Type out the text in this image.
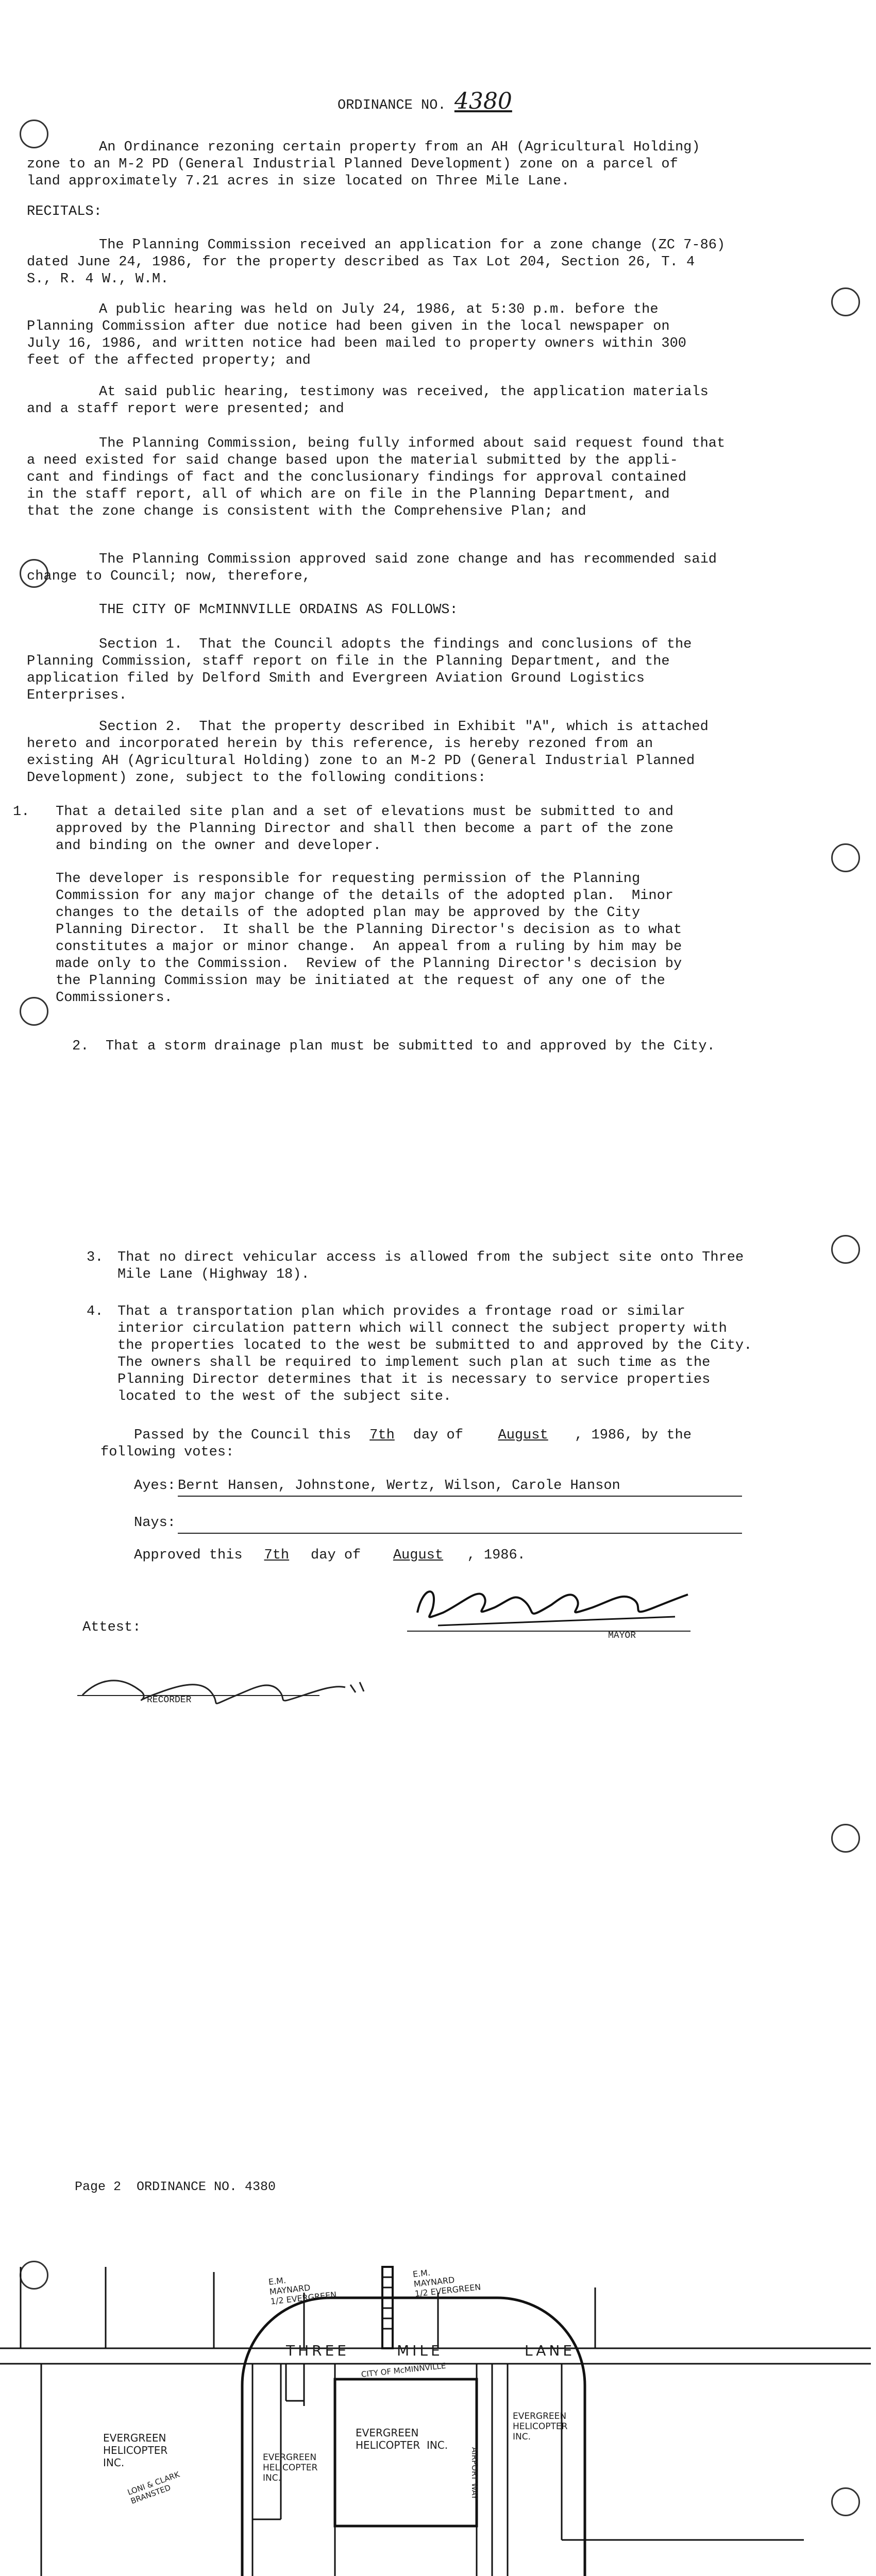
ORDINANCE NO. 4380
An Ordinance rezoning certain property from an AH (Agricultural Holding)
zone to an M-2 PD (General Industrial Planned Development) zone on a parcel of
land approximately 7.21 acres in size located on Three Mile Lane.
RECITALS:
The Planning Commission received an application for a zone change (ZC 7-86)
dated June 24, 1986, for the property described as Tax Lot 204, Section 26, T. 4
S., R. 4 W., W.M.
A public hearing was held on July 24, 1986, at 5:30 p.m. before the
Planning Commission after due notice had been given in the local newspaper on
July 16, 1986, and written notice had been mailed to property owners within 300
feet of the affected property; and
At said public hearing, testimony was received, the application materials
and a staff report were presented; and
The Planning Commission, being fully informed about said request found that
a need existed for said change based upon the material submitted by the appli-
cant and findings of fact and the conclusionary findings for approval contained
in the staff report, all of which are on file in the Planning Department, and
that the zone change is consistent with the Comprehensive Plan; and
The Planning Commission approved said zone change and has recommended said
change to Council; now, therefore,
THE CITY OF McMINNVILLE ORDAINS AS FOLLOWS:
Section 1.  That the Council adopts the findings and conclusions of the
Planning Commission, staff report on file in the Planning Department, and the
application filed by Delford Smith and Evergreen Aviation Ground Logistics
Enterprises.
Section 2.  That the property described in Exhibit "A", which is attached
hereto and incorporated herein by this reference, is hereby rezoned from an
existing AH (Agricultural Holding) zone to an M-2 PD (General Industrial Planned
Development) zone, subject to the following conditions:
1. That a detailed site plan and a set of elevations must be submitted to and
approved by the Planning Director and shall then become a part of the zone
and binding on the owner and developer.
The developer is responsible for requesting permission of the Planning
Commission for any major change of the details of the adopted plan.  Minor
changes to the details of the adopted plan may be approved by the City
Planning Director.  It shall be the Planning Director's decision as to what
constitutes a major or minor change.  An appeal from a ruling by him may be
made only to the Commission.  Review of the Planning Director's decision by
the Planning Commission may be initiated at the request of any one of the
Commissioners.
2. That a storm drainage plan must be submitted to and approved by the City.
3. That no direct vehicular access is allowed from the subject site onto Three
Mile Lane (Highway 18).
4. That a transportation plan which provides a frontage road or similar
interior circulation pattern which will connect the subject property with
the properties located to the west be submitted to and approved by the City.
The owners shall be required to implement such plan at such time as the
Planning Director determines that it is necessary to service properties
located to the west of the subject site.
Passed by the Council this 7th day of	August , 1986, by the
following votes:
Ayes: Bernt Hansen, Johnstone, Wertz, Wilson, Carole Hanson
Nays:
Approved this 7th day of August , 1986.
Attest:
MAYOR
RECORDER
Page 2  ORDINANCE NO. 4380
THREE	MILE	LANE
E.M.
MAYNARD
1/2 EVERGREEN
E.M.
MAYNARD
1/2 EVERGREEN
CITY OF McMINNVILLE
EVERGREEN
HELICOPTER
INC.	EVERGREEN
HELICOPTER
INC.
EVERGREEN
HELICOPTER  INC.
EVERGREEN
HELICOPTER
INC.
AIRPORT WAY
LONI & CLARK
BRANSTED
